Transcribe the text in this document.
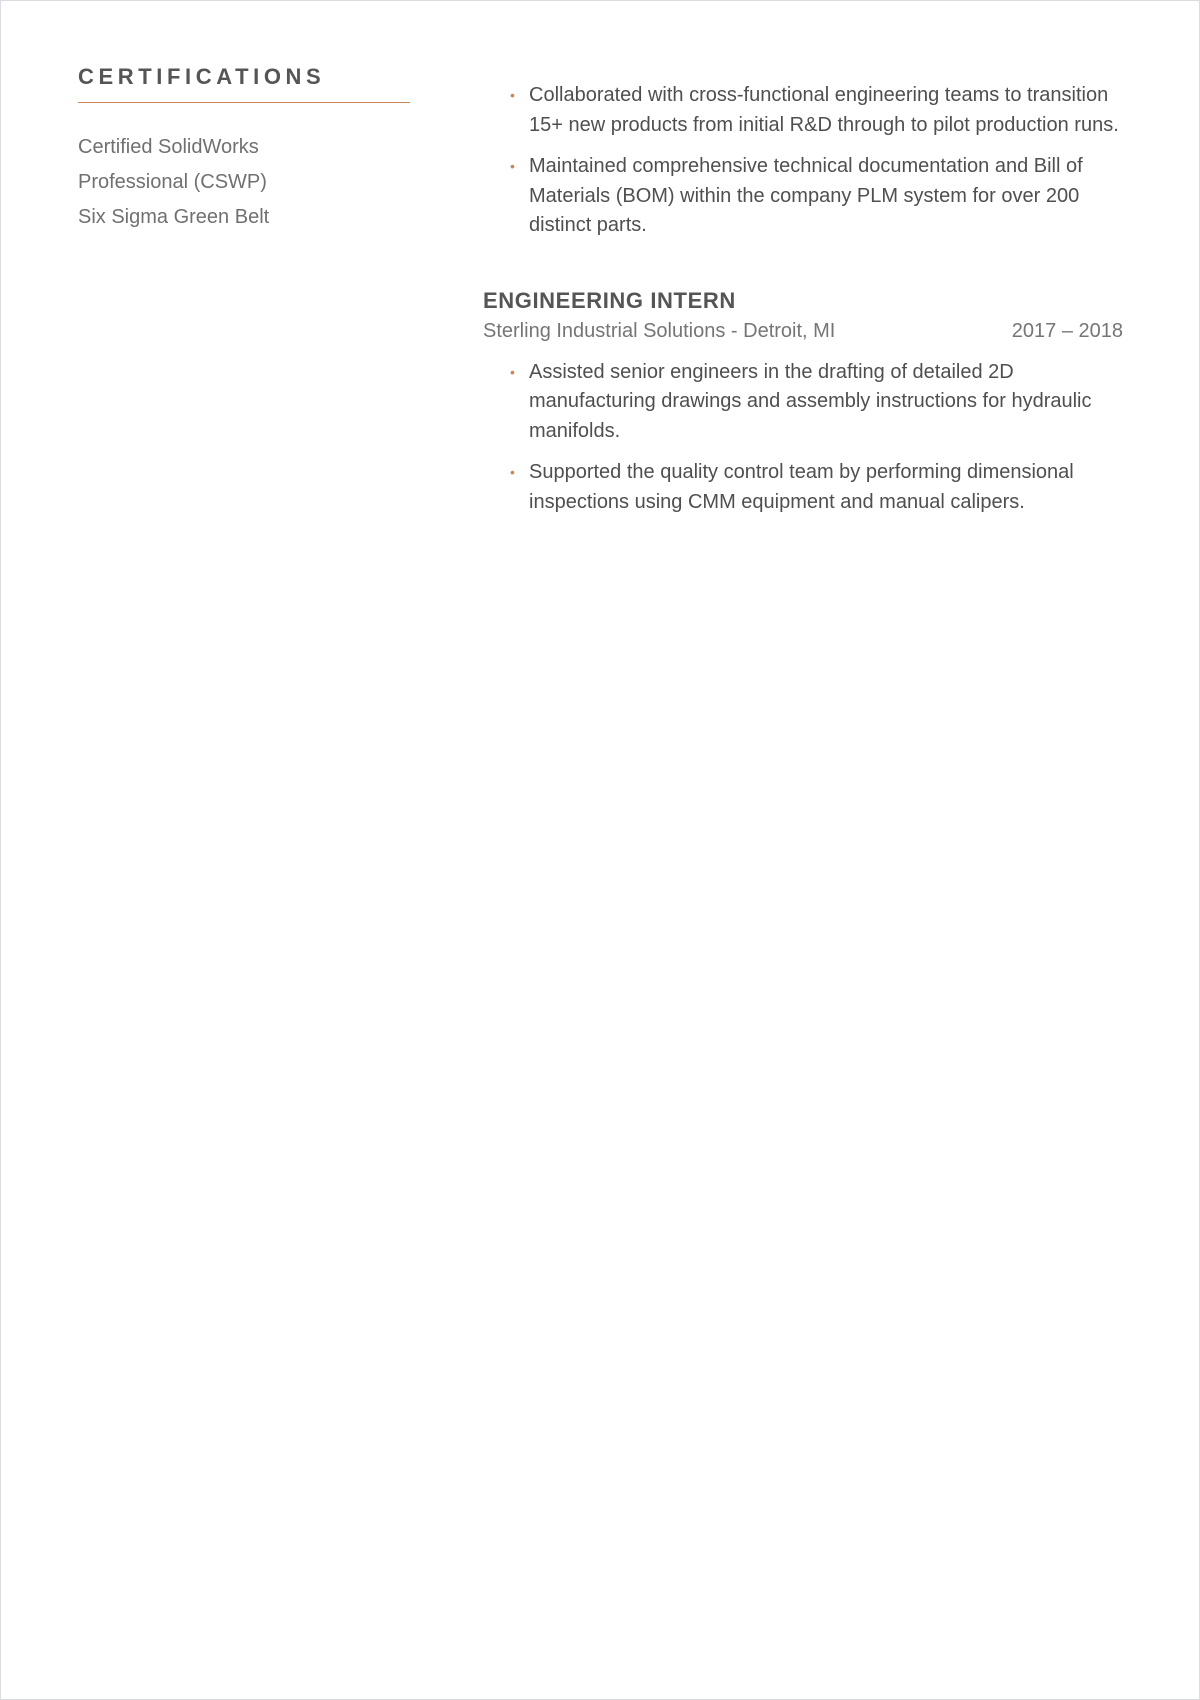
CERTIFICATIONS
Certified SolidWorks
Professional (CSWP)
Six Sigma Green Belt
• Collaborated with cross-functional engineering teams to transition 15+ new products from initial R&D through to pilot production runs.
• Maintained comprehensive technical documentation and Bill of Materials (BOM) within the company PLM system for over 200 distinct parts.
ENGINEERING INTERN
Sterling Industrial Solutions - Detroit, MI	2017 – 2018
• Assisted senior engineers in the drafting of detailed 2D manufacturing drawings and assembly instructions for hydraulic manifolds.
• Supported the quality control team by performing dimensional inspections using CMM equipment and manual calipers.
